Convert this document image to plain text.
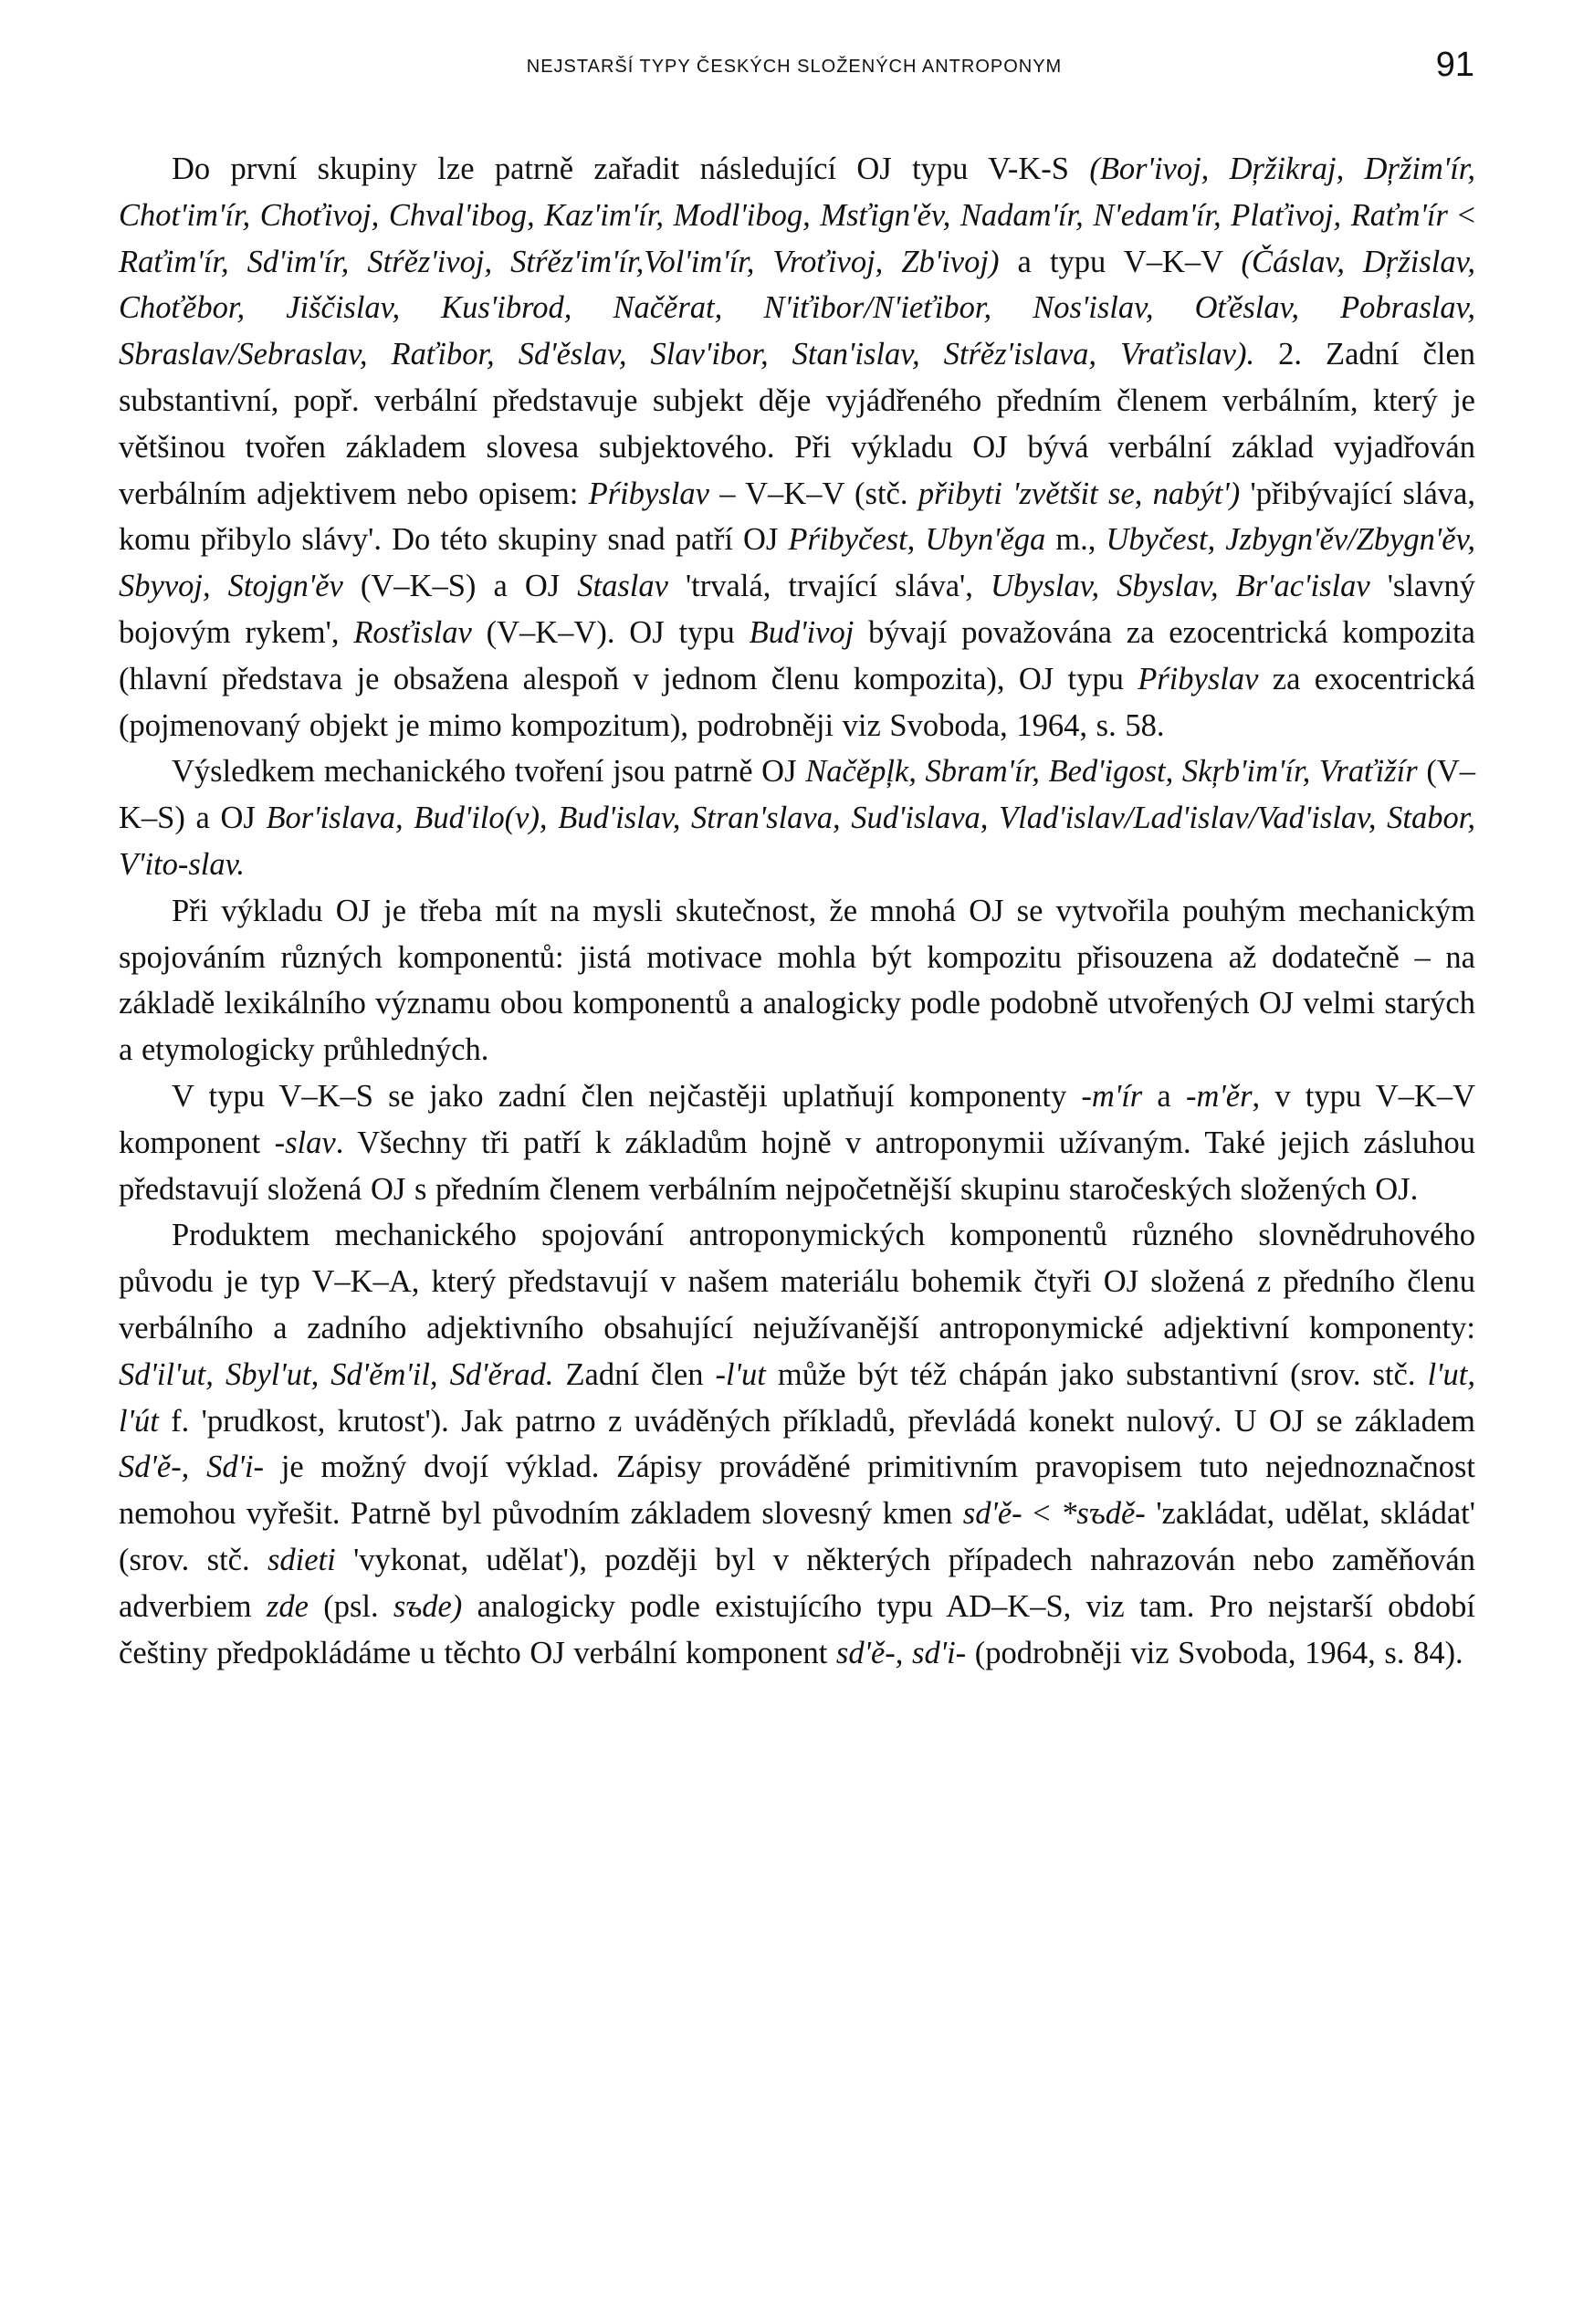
NEJSTARŠÍ TYPY ČESKÝCH SLOŽENÝCH ANTROPONYM	91

Do první skupiny lze patrně zařadit následující OJ typu V-K-S (Bor'ivoj, Dŗžikraj, Dŗžim'ír, Chot'im'ír, Choťivoj, Chval'ibog, Kaz'im'ír, Modl'ibog, Msťign'ěv, Nadam'ír, N'edam'ír, Plaťivoj, Raťm'ír < Raťim'ír, Sd'im'ír, Stŕěz'ivoj, Stŕěz'im'ír,Vol'im'ír, Vroťivoj, Zb'ivoj) a typu V–K–V (Čáslav, Dŗžislav, Choťěbor, Jiščislav, Kus'ibrod, Načěrat, N'iťibor/N'ieťibor, Nos'islav, Oťěslav, Pobraslav, Sbraslav/Sebraslav, Raťibor, Sd'ěslav, Slav'ibor, Stan'islav, Stŕěz'islava, Vraťislav). 2. Zadní člen substantivní, popř. verbální představuje subjekt děje vyjádřeného předním členem verbálním, který je většinou tvořen základem slovesa subjektového. Při výkladu OJ bývá verbální základ vyjadřován verbálním adjektivem nebo opisem: Pŕibyslav – V–K–V (stč. přibyti 'zvětšit se, nabýt') 'přibývající sláva, komu přibylo slávy'. Do této skupiny snad patří OJ Pŕibyčest, Ubyn'ěga m., Ubyčest, Jzbygn'ěv/Zbygn'ěv, Sbyvoj, Stojgn'ěv (V–K–S) a OJ Staslav 'trvalá, trvající sláva', Ubyslav, Sbyslav, Br'ac'islav 'slavný bojovým rykem', Rosťislav (V–K–V). OJ typu Bud'ivoj bývají považována za ezocentrická kompozita (hlavní představa je obsažena alespoň v jednom členu kompozita), OJ typu Pŕibyslav za exocentrická (pojmenovaný objekt je mimo kompozitum), podrobněji viz Svoboda, 1964, s. 58.

Výsledkem mechanického tvoření jsou patrně OJ Načěpļk, Sbram'ír, Bed'igost, Skŗb'im'ír, Vraťižír (V–K–S) a OJ Bor'islava, Bud'ilo(v), Bud'islav, Stran'slava, Sud'islava, Vlad'islav/Lad'islav/Vad'islav, Stabor, V'ito-slav.

Při výkladu OJ je třeba mít na mysli skutečnost, že mnohá OJ se vytvořila pouhým mechanickým spojováním různých komponentů: jistá motivace mohla být kompozitu přisouzena až dodatečně – na základě lexikálního významu obou komponentů a analogicky podle podobně utvořených OJ velmi starých a etymologicky průhledných.

V typu V–K–S se jako zadní člen nejčastěji uplatňují komponenty -m'ír a -m'ěr, v typu V–K–V komponent -slav. Všechny tři patří k základům hojně v antroponymii užívaným. Také jejich zásluhou představují složená OJ s předním členem verbálním nejpočetnější skupinu staročeských složených OJ.

Produktem mechanického spojování antroponymických komponentů různého slovnědruhového původu je typ V–K–A, který představují v našem materiálu bohemik čtyři OJ složená z předního členu verbálního a zadního adjektivního obsahující nejužívanější antroponymické adjektivní komponenty: Sd'il'ut, Sbyl'ut, Sd'ěm'il, Sd'ěrad. Zadní člen -l'ut může být též chápán jako substantivní (srov. stč. l'ut, l'út f. 'prudkost, krutost'). Jak patrno z uváděných příkladů, převládá konekt nulový. U OJ se základem Sd'ě-, Sd'i- je možný dvojí výklad. Zápisy prováděné primitivním pravopisem tuto nejednoznačnost nemohou vyřešit. Patrně byl původním základem slovesný kmen sd'ě- < *sъdě- 'zakládat, udělat, skládat' (srov. stč. sdieti 'vykonat, udělat'), později byl v některých případech nahrazován nebo zaměňován adverbiem zde (psl. sъde) analogicky podle existujícího typu AD–K–S, viz tam. Pro nejstarší období češtiny předpokládáme u těchto OJ verbální komponent sd'ě-, sd'i- (podrobněji viz Svoboda, 1964, s. 84).
